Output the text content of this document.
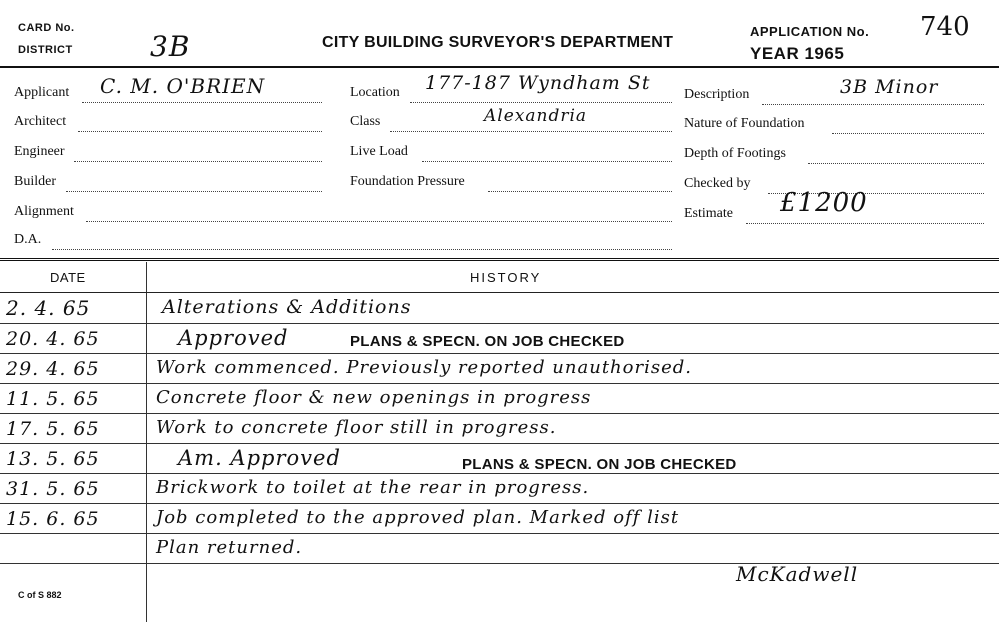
CARD No.
DISTRICT	3B	CITY BUILDING SURVEYOR'S DEPARTMENT
APPLICATION No. 740
YEAR 1965
Applicant C. M. O'BRIEN
Architect
Engineer
Builder
Alignment
D.A.
Location 177-187 Wyndham St
Class	Alexandria
Live Load
Foundation Pressure
Description	3B Minor
Nature of Foundation
Depth of Footings
Checked by
Estimate £1200
DATE	HISTORY
2. 4. 65	Alterations & Additions
20. 4. 65	Approved	PLANS & SPECN. ON JOB CHECKED
29. 4. 65	Work commenced. Previously reported unauthorised.
11. 5. 65	Concrete floor & new openings in progress
17. 5. 65	Work to concrete floor still in progress.
13. 5. 65	Am. Approved	PLANS & SPECN. ON JOB CHECKED
31. 5. 65	Brickwork to toilet at the rear in progress.
15. 6. 65	Job completed to the approved plan. Marked off list
Plan returned.
McKadwell
C of S 882
